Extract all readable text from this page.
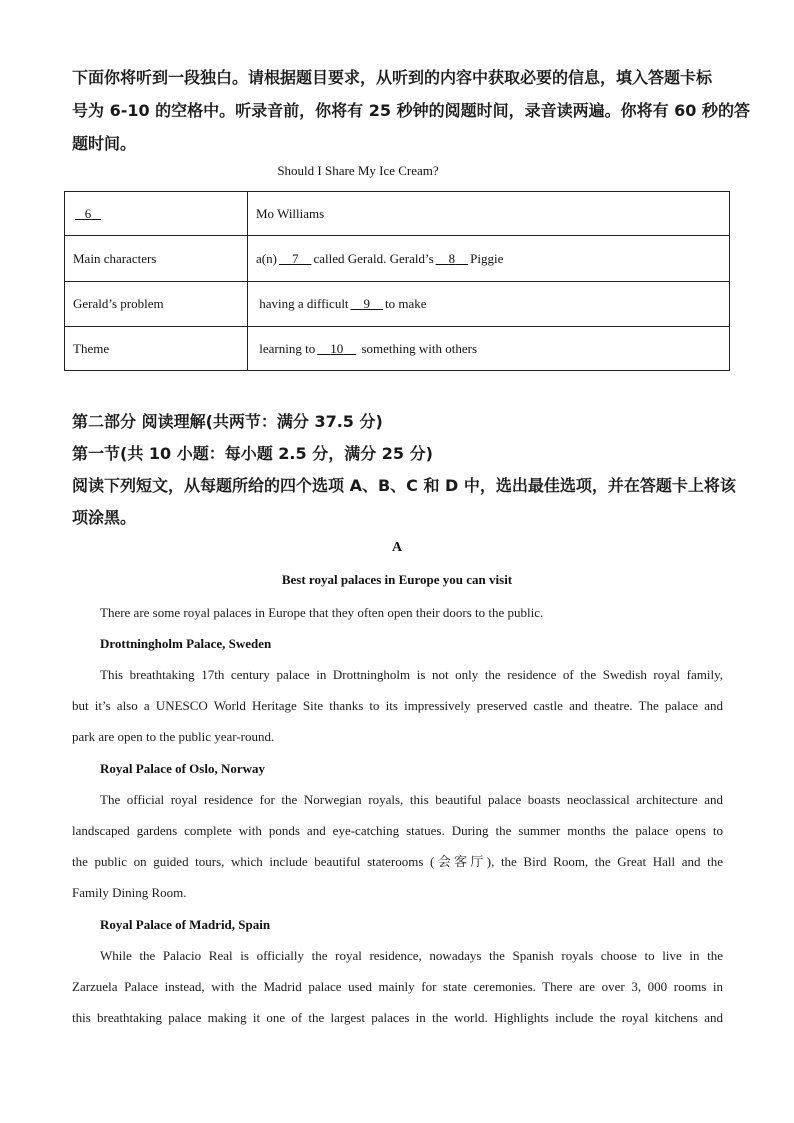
下面你将听到一段独白。请根据题目要求，从听到的内容中获取必要的信息，填入答题卡标
号为 6-10 的空格中。听录音前，你将有 25 秒钟的阅题时间，录音读两遍。你将有 60 秒的答
题时间。
Should I Share My Ice Cream?
6	Mo Williams
Main characters	a(n) 7 called Gerald. Gerald’s 8 Piggie
Gerald’s problem	having a difficult 9 to make
Theme	learning to 10 something with others
第二部分 阅读理解(共两节：满分 37.5 分)
第一节(共 10 小题：每小题 2.5 分，满分 25 分)
阅读下列短文，从每题所给的四个选项 A、B、C 和 D 中，选出最佳选项，并在答题卡上将该
项涂黑。
A
Best royal palaces in Europe you can visit
There are some royal palaces in Europe that they often open their doors to the public.
Drottningholm Palace, Sweden
This breathtaking 17th century palace in Drottningholm is not only the residence of the Swedish royal family,
but it’s also a UNESCO World Heritage Site thanks to its impressively preserved castle and theatre. The palace and
park are open to the public year-round.
Royal Palace of Oslo, Norway
The official royal residence for the Norwegian royals, this beautiful palace boasts neoclassical architecture and
landscaped gardens complete with ponds and eye-catching statues. During the summer months the palace opens to
the public on guided tours, which include beautiful staterooms (会客厅), the Bird Room, the Great Hall and the
Family Dining Room.
Royal Palace of Madrid, Spain
While the Palacio Real is officially the royal residence, nowadays the Spanish royals choose to live in the
Zarzuela Palace instead, with the Madrid palace used mainly for state ceremonies. There are over 3, 000 rooms in
this breathtaking palace making it one of the largest palaces in the world. Highlights include the royal kitchens and
